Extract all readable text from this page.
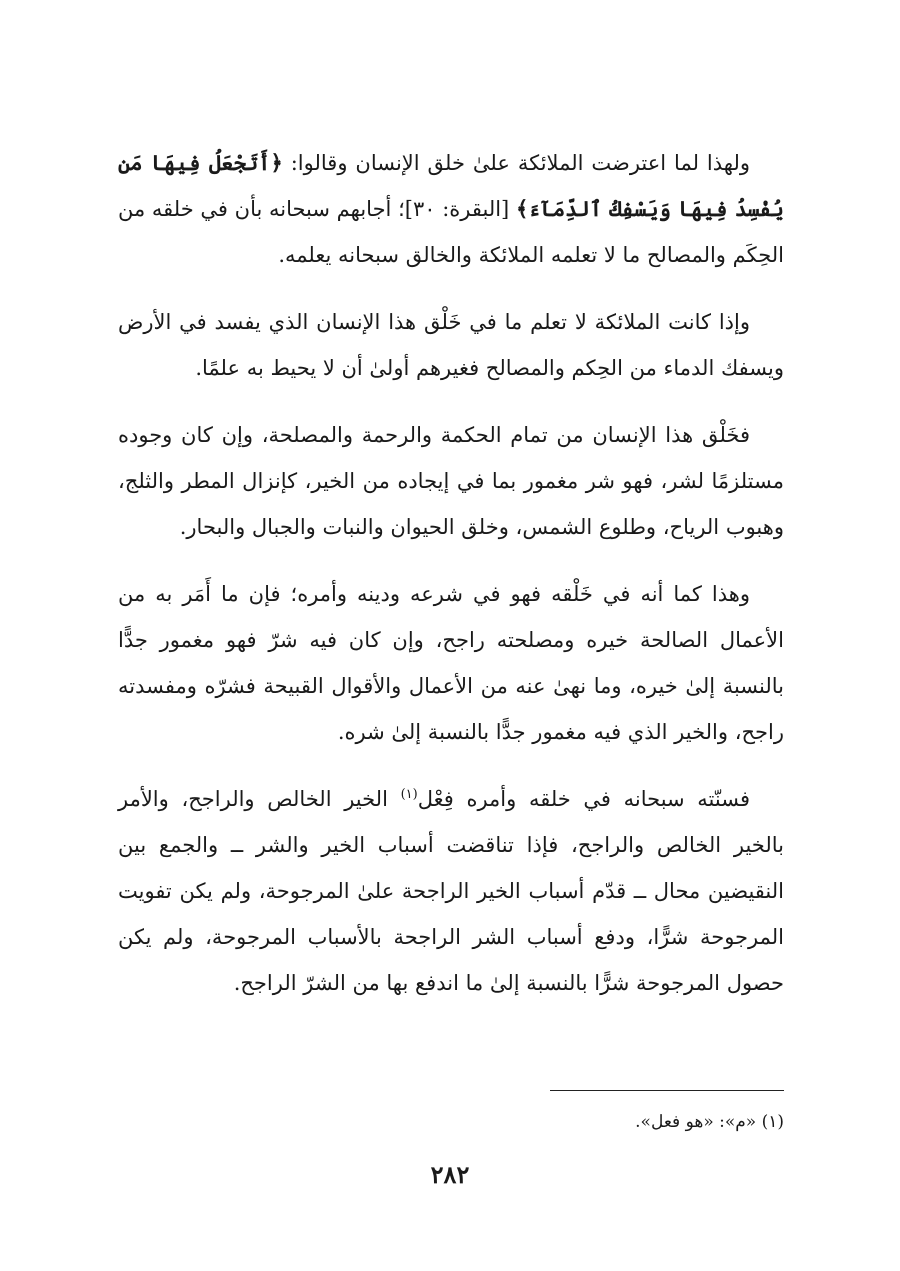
ولهذا لما اعترضت الملائكة علىٰ خلق الإنسان وقالوا: ﴿أَتَجْعَلُ فِيهَا مَن يُفْسِدُ فِيهَا وَيَسْفِكُ ٱلدِّمَآءَ﴾ [البقرة: ٣٠]؛ أجابهم سبحانه بأن في خلقه من الحِكَم والمصالح ما لا تعلمه الملائكة والخالق سبحانه يعلمه.

وإذا كانت الملائكة لا تعلم ما في خَلْق هذا الإنسان الذي يفسد في الأرض ويسفك الدماء من الحِكم والمصالح فغيرهم أولىٰ أن لا يحيط به علمًا.

فخَلْق هذا الإنسان من تمام الحكمة والرحمة والمصلحة، وإن كان وجوده مستلزمًا لشر، فهو شر مغمور بما في إيجاده من الخير، كإنزال المطر والثلج، وهبوب الرياح، وطلوع الشمس، وخلق الحيوان والنبات والجبال والبحار.

وهذا كما أنه في خَلْقه فهو في شرعه ودينه وأمره؛ فإن ما أَمَر به من الأعمال الصالحة خيره ومصلحته راجح، وإن كان فيه شرّ فهو مغمور جدًّا بالنسبة إلىٰ خيره، وما نهىٰ عنه من الأعمال والأقوال القبيحة فشرّه ومفسدته راجح، والخير الذي فيه مغمور جدًّا بالنسبة إلىٰ شره.

فسنّته سبحانه في خلقه وأمره فِعْل$^{(١)}$ الخير الخالص والراجح، والأمر بالخير الخالص والراجح، فإذا تناقضت أسباب الخير والشر ــ والجمع بين النقيضين محال ــ قدّم أسباب الخير الراجحة علىٰ المرجوحة، ولم يكن تفويت المرجوحة شرًّا، ودفع أسباب الشر الراجحة بالأسباب المرجوحة، ولم يكن حصول المرجوحة شرًّا بالنسبة إلىٰ ما اندفع بها من الشرّ الراجح.

(١) «م»: «هو فعل».
٢٨٢
